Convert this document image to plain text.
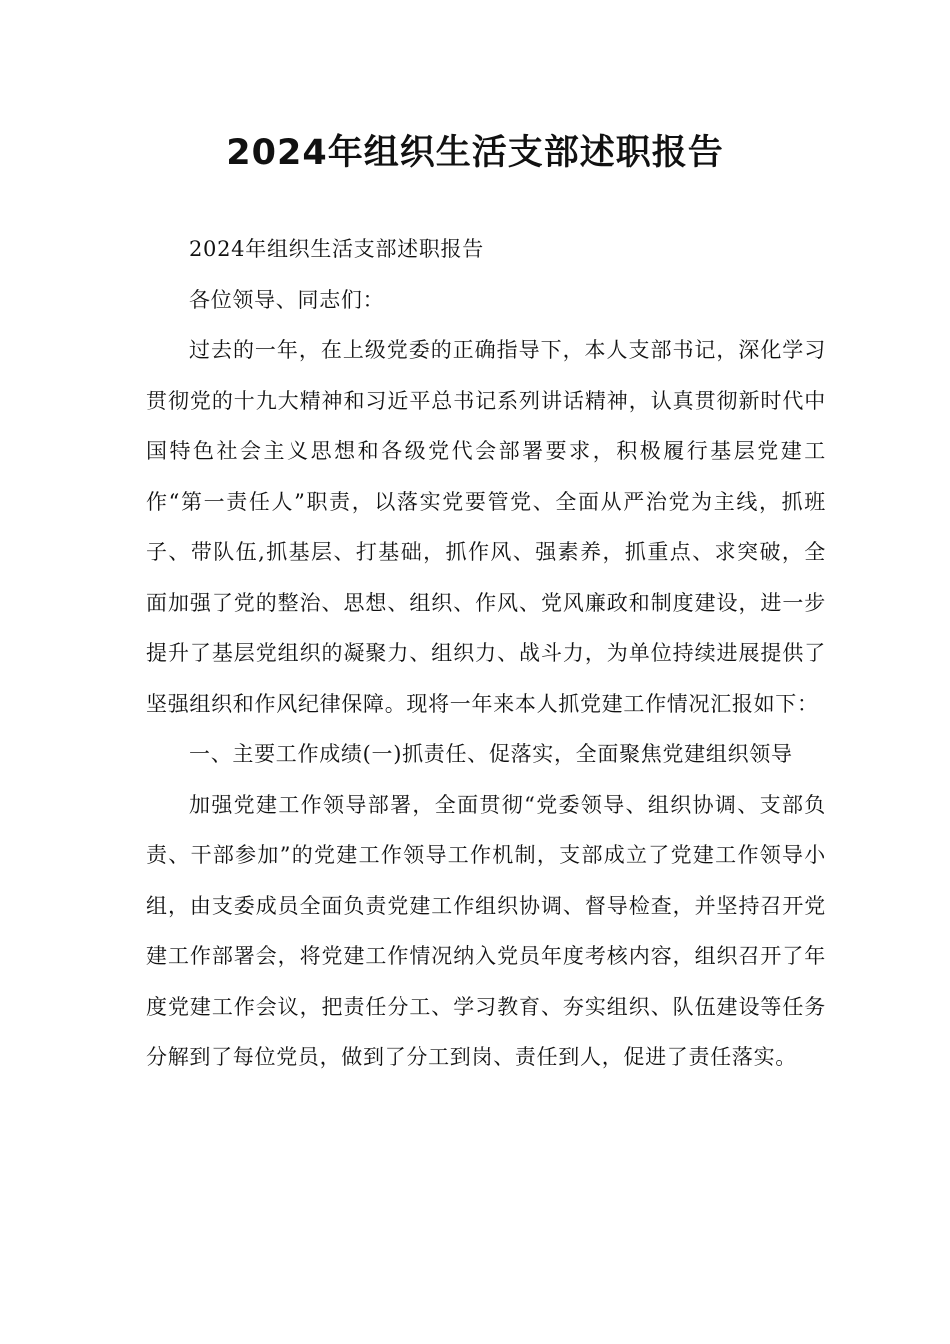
2024年组织生活支部述职报告

2024年组织生活支部述职报告

各位领导、同志们：

过去的一年，在上级党委的正确指导下，本人支部书记，深化学习贯彻党的十九大精神和习近平总书记系列讲话精神，认真贯彻新时代中国特色社会主义思想和各级党代会部署要求，积极履行基层党建工作“第一责任人”职责，以落实党要管党、全面从严治党为主线，抓班子、带队伍,抓基层、打基础，抓作风、强素养，抓重点、求突破，全面加强了党的整治、思想、组织、作风、党风廉政和制度建设，进一步提升了基层党组织的凝聚力、组织力、战斗力，为单位持续进展提供了坚强组织和作风纪律保障。现将一年来本人抓党建工作情况汇报如下：

一、主要工作成绩(一)抓责任、促落实，全面聚焦党建组织领导

加强党建工作领导部署，全面贯彻“党委领导、组织协调、支部负责、干部参加”的党建工作领导工作机制，支部成立了党建工作领导小组，由支委成员全面负责党建工作组织协调、督导检查，并坚持召开党建工作部署会，将党建工作情况纳入党员年度考核内容，组织召开了年度党建工作会议，把责任分工、学习教育、夯实组织、队伍建设等任务分解到了每位党员，做到了分工到岗、责任到人，促进了责任落实。
